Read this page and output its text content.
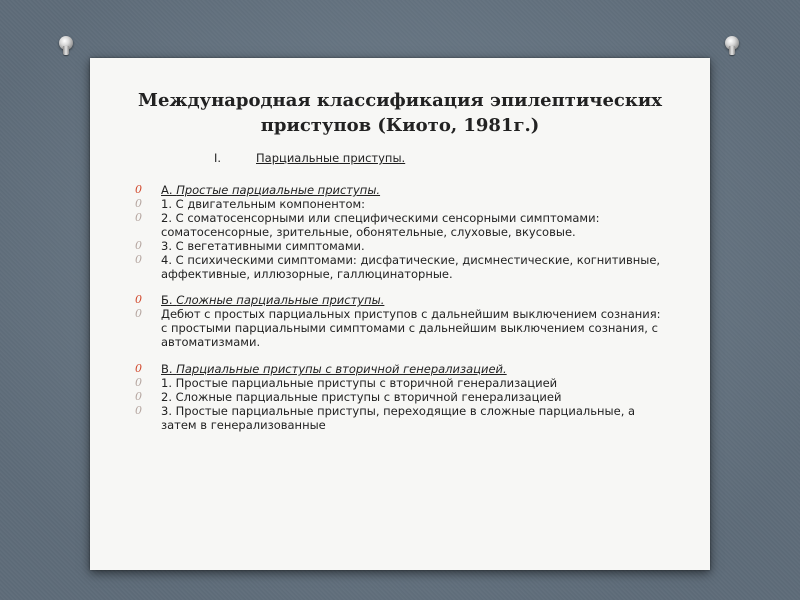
Международная классификация эпилептических приступов (Киото, 1981г.)
I.	Парциальные приступы.
0 А. Простые парциальные приступы.
0 1. С двигательным компонентом:
0 2. С соматосенсорными или специфическими сенсорными симптомами: соматосенсорные, зрительные, обонятельные, слуховые, вкусовые.
0 3. С вегетативными симптомами.
0 4. С психическими симптомами: дисфатические, дисмнестические, когнитивные, аффективные, иллюзорные, галлюцинаторные.
0 Б. Сложные парциальные приступы.
0 Дебют с простых парциальных приступов с дальнейшим выключением сознания: с простыми парциальными симптомами с дальнейшим выключением сознания, с автоматизмами.
0 В. Парциальные приступы с вторичной генерализацией.
0 1. Простые парциальные приступы с вторичной генерализацией
0 2. Сложные парциальные приступы с вторичной генерализацией
0 3. Простые парциальные приступы, переходящие в сложные парциальные, а затем в генерализованные
